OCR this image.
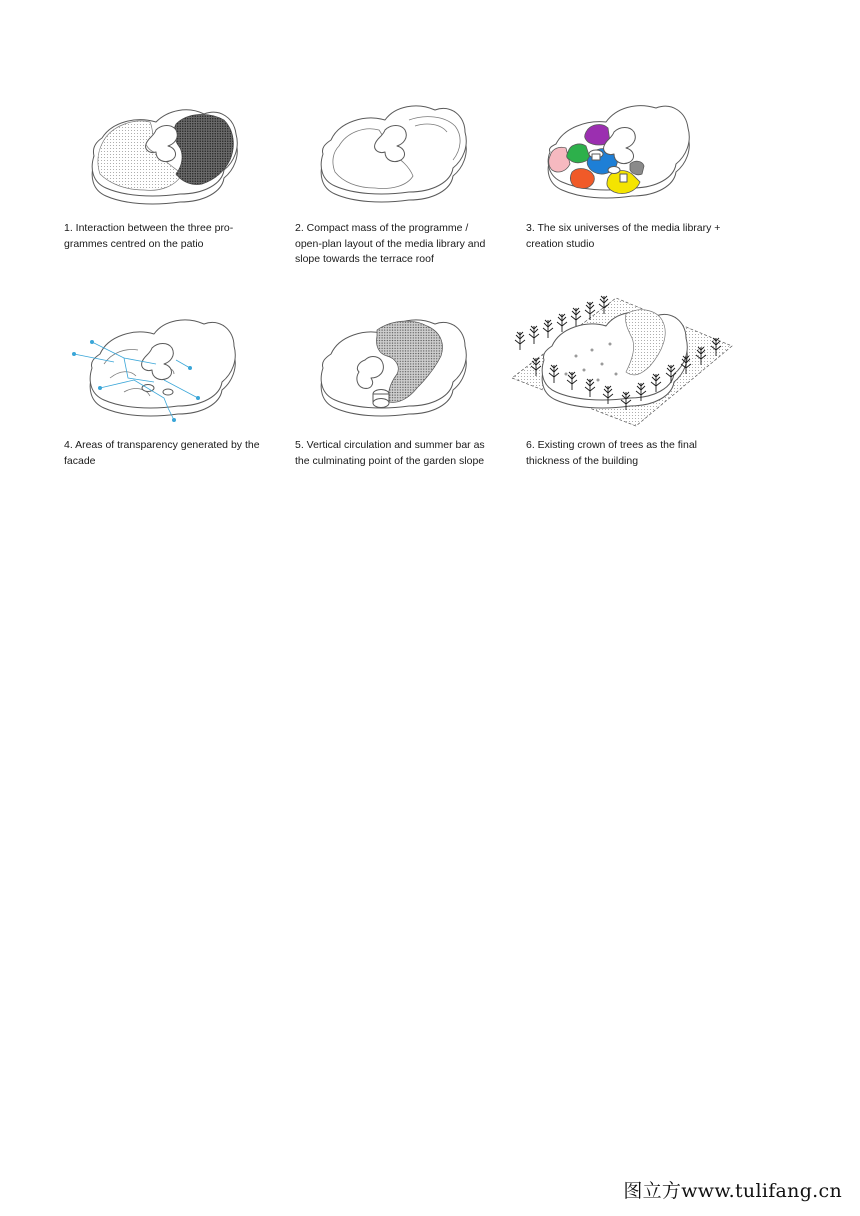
1. Interaction between the three pro-
grammes centred on the patio

2. Compact mass of the programme /
open-plan layout of the media library and
slope towards the terrace roof

3. The six universes of the media library +
creation studio

4. Areas of transparency generated by the
facade

5. Vertical circulation and summer bar as
the culminating point of the garden slope

6. Existing crown of trees as the final
thickness of the building

图立方www.tulifang.cn
